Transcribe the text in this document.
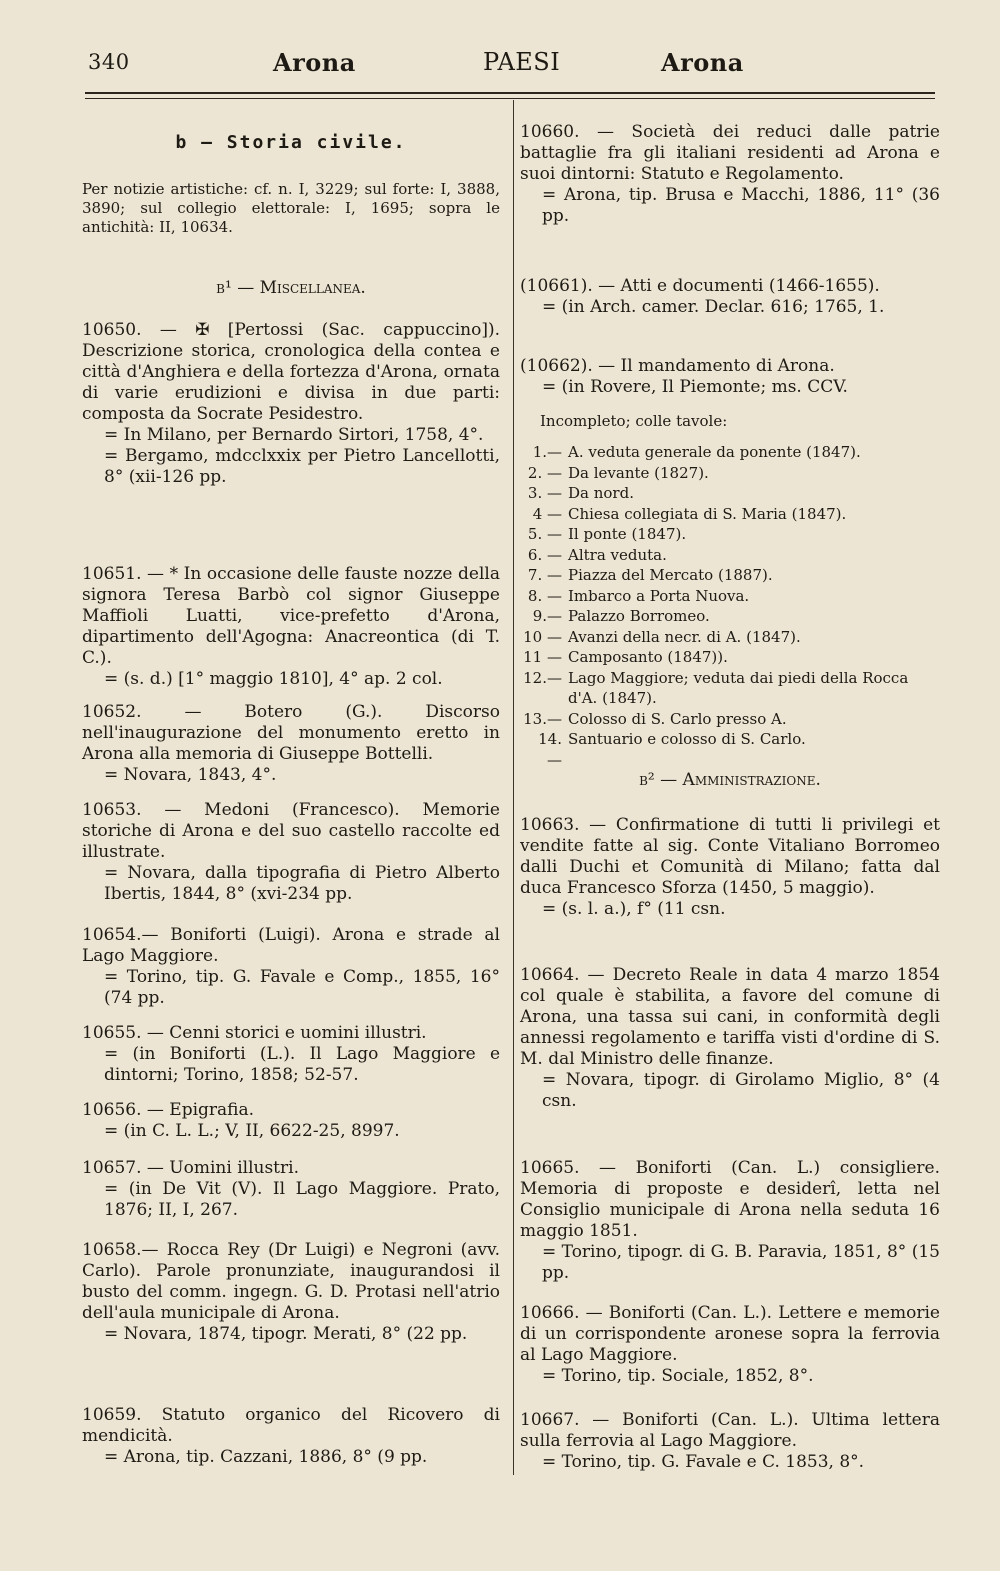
340	Arona	PAESI	Arona
b — Storia civile.
Per notizie artistiche: cf. n. I, 3229; sul forte: I, 3888, 3890; sul collegio elettorale: I, 1695; sopra le antichità: II, 10634.
b¹ — Miscellanea.

10650. — ✠ [Pertossi (Sac. cappuccino]). Descrizione storica, cronologica della contea e città d'Anghiera e della fortezza d'Arona, ornata di varie erudizioni e divisa in due parti: composta da Socrate Pesidestro.

= In Milano, per Bernardo Sirtori, 1758, 4°.

= Bergamo, mdcclxxix per Pietro Lancellotti, 8° (xii-126 pp.

10651. — * In occasione delle fauste nozze della signora Teresa Barbò col signor Giuseppe Maffioli Luatti, vice-prefetto d'Arona, dipartimento dell'Agogna: Anacreontica (di T. C.).

= (s. d.) [1° maggio 1810], 4° ap. 2 col.

10652. — Botero (G.). Discorso nell'inaugurazione del monumento eretto in Arona alla memoria di Giuseppe Bottelli.

= Novara, 1843, 4°.

10653. — Medoni (Francesco). Memorie storiche di Arona e del suo castello raccolte ed illustrate.

= Novara, dalla tipografia di Pietro Alberto Ibertis, 1844, 8° (xvi-234 pp.

10654.— Boniforti (Luigi). Arona e strade al Lago Maggiore.

= Torino, tip. G. Favale e Comp., 1855, 16° (74 pp.

10655. — Cenni storici e uomini illustri.

= (in Boniforti (L.). Il Lago Maggiore e dintorni; Torino, 1858; 52-57.

10656. — Epigrafia.

= (in C. L. L.; V, II, 6622-25, 8997.

10657. — Uomini illustri.

= (in De Vit (V). Il Lago Maggiore. Prato, 1876; II, I, 267.

10658.— Rocca Rey (Dr Luigi) e Negroni (avv. Carlo). Parole pronunziate, inaugurandosi il busto del comm. ingegn. G. D. Protasi nell'atrio dell'aula municipale di Arona.

= Novara, 1874, tipogr. Merati, 8° (22 pp.

10659. Statuto organico del Ricovero di mendicità.

= Arona, tip. Cazzani, 1886, 8° (9 pp.

10660. — Società dei reduci dalle patrie battaglie fra gli italiani residenti ad Arona e suoi dintorni: Statuto e Regolamento.

= Arona, tip. Brusa e Macchi, 1886, 11° (36 pp.

(10661). — Atti e documenti (1466-1655).

= (in Arch. camer. Declar. 616; 1765, 1.

(10662). — Il mandamento di Arona.

= (in Rovere, Il Piemonte; ms. CCV.

Incompleto; colle tavole:
1.— A. veduta generale da ponente (1847).
2. — Da levante (1827).
3. — Da nord.
4 — Chiesa collegiata di S. Maria (1847).
5. — Il ponte (1847).
6. — Altra veduta.
7. — Piazza del Mercato (1887).
8. — Imbarco a Porta Nuova.
9.— Palazzo Borromeo.
10 — Avanzi della necr. di A. (1847).
11 — Camposanto (1847)).
12.— Lago Maggiore; veduta dai piedi della Rocca d'A. (1847).
13.— Colosso di S. Carlo presso A.
14. —
Santuario e colosso di S. Carlo.
b² — Amministrazione.

10663. — Confirmatione di tutti li privilegi et vendite fatte al sig. Conte Vitaliano Borromeo dalli Duchi et Comunità di Milano; fatta dal duca Francesco Sforza (1450, 5 maggio).

= (s. l. a.), f° (11 csn.

10664. — Decreto Reale in data 4 marzo 1854 col quale è stabilita, a favore del comune di Arona, una tassa sui cani, in conformità degli annessi regolamento e tariffa visti d'ordine di S. M. dal Ministro delle finanze.

= Novara, tipogr. di Girolamo Miglio, 8° (4 csn.

10665. — Boniforti (Can. L.) consigliere. Memoria di proposte e desiderî, letta nel Consiglio municipale di Arona nella seduta 16 maggio 1851.

= Torino, tipogr. di G. B. Paravia, 1851, 8° (15 pp.

10666. — Boniforti (Can. L.). Lettere e memorie di un corrispondente aronese sopra la ferrovia al Lago Maggiore.

= Torino, tip. Sociale, 1852, 8°.

10667. — Boniforti (Can. L.). Ultima lettera sulla ferrovia al Lago Maggiore.

= Torino, tip. G. Favale e C. 1853, 8°.
